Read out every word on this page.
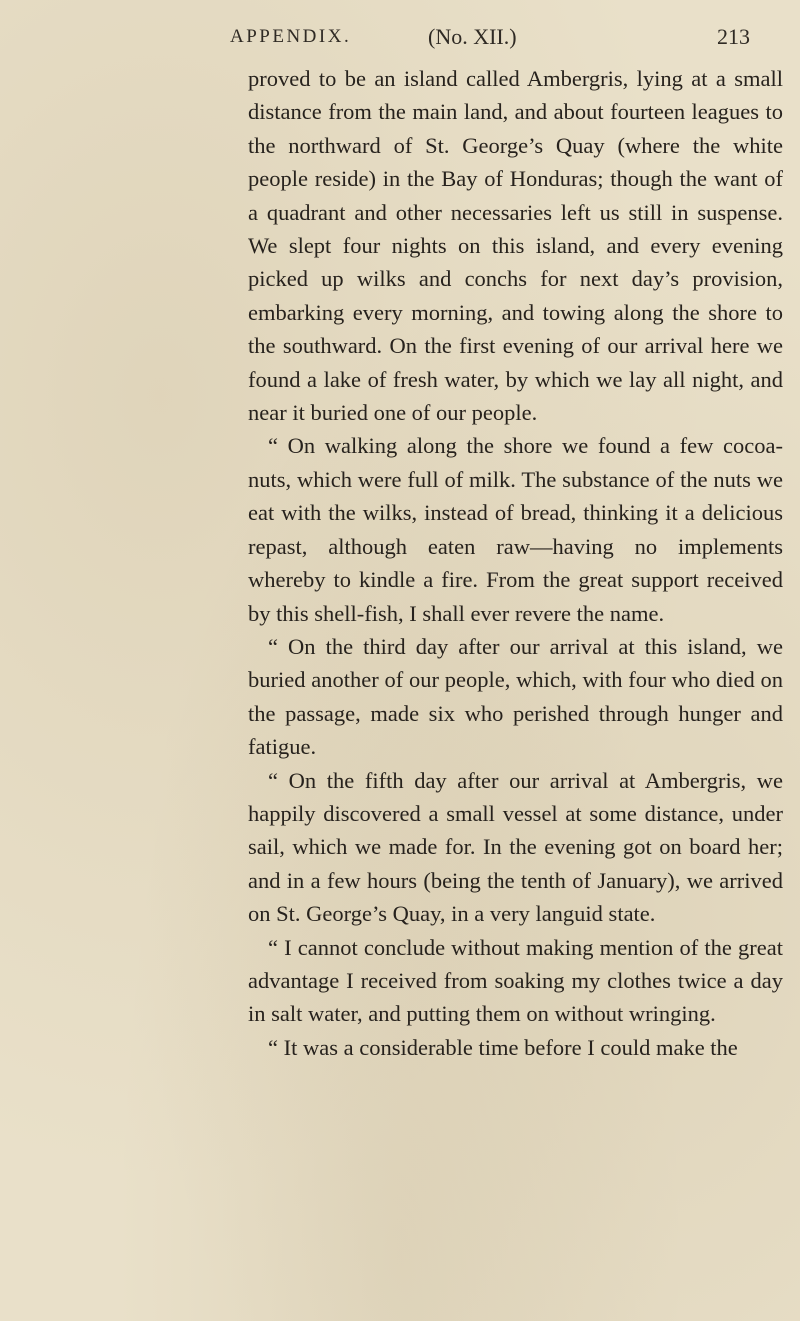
APPENDIX.	(No. XII.)	213

proved to be an island called Ambergris, lying at a small distance from the main land, and about fourteen leagues to the northward of St. George’s Quay (where the white people reside) in the Bay of Honduras; though the want of a quadrant and other necessaries left us still in suspense. We slept four nights on this island, and every evening picked up wilks and conchs for next day’s provision, embarking every morning, and towing along the shore to the southward. On the first evening of our arrival here we found a lake of fresh water, by which we lay all night, and near it buried one of our people.

“ On walking along the shore we found a few cocoa-nuts, which were full of milk. The substance of the nuts we eat with the wilks, instead of bread, thinking it a delicious repast, although eaten raw—having no implements whereby to kindle a fire. From the great support received by this shell-fish, I shall ever revere the name.

“ On the third day after our arrival at this island, we buried another of our people, which, with four who died on the passage, made six who perished through hunger and fatigue.

“ On the fifth day after our arrival at Ambergris, we happily discovered a small vessel at some distance, under sail, which we made for. In the evening got on board her; and in a few hours (being the tenth of January), we arrived on St. George’s Quay, in a very languid state.

“ I cannot conclude without making mention of the great advantage I received from soaking my clothes twice a day in salt water, and putting them on without wringing.

“ It was a considerable time before I could make the
